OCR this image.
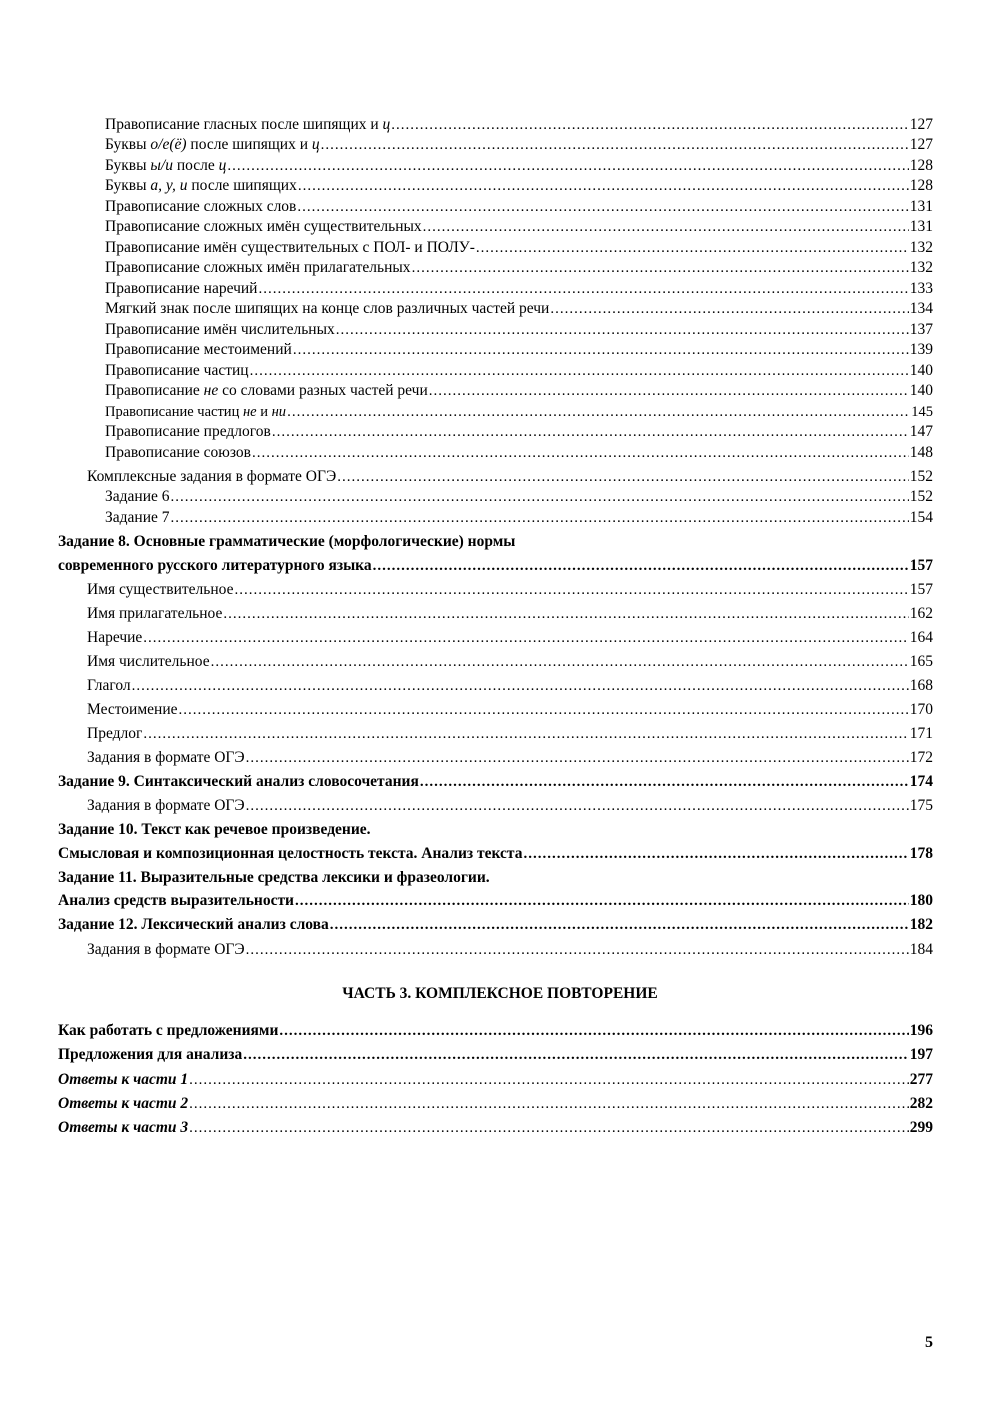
Правописание гласных после шипящих и ц .....	127
Буквы о/е(ё) после шипящих и ц .....	127
Буквы ы/и после ц .....	128
Буквы а, у, и после шипящих .....	128
Правописание сложных слов .....	131
Правописание сложных имён существительных .....	131
Правописание имён существительных с ПОЛ- и ПОЛУ- .....	132
Правописание сложных имён прилагательных .....	132
Правописание наречий .....	133
Мягкий знак после шипящих на конце слов различных частей речи .....	134
Правописание имён числительных .....	137
Правописание местоимений .....	139
Правописание частиц .....	140
Правописание не со словами разных частей речи .....	140
Правописание частиц не и ни .....	145
Правописание предлогов .....	147
Правописание союзов .....	148
Комплексные задания в формате ОГЭ .....	152
Задание 6 .....	152
Задание 7 .....	154
Задание 8. Основные грамматические (морфологические) нормы
современного русского литературного языка .....	157
Имя существительное .....	157
Имя прилагательное .....	162
Наречие .....	164
Имя числительное .....	165
Глагол .....	168
Местоимение .....	170
Предлог .....	171
Задания в формате ОГЭ .....	172
Задание 9. Синтаксический анализ словосочетания .....	174
Задания в формате ОГЭ .....	175
Задание 10. Текст как речевое произведение.
Смысловая и композиционная целостность текста. Анализ текста .....	178
Задание 11. Выразительные средства лексики и фразеологии.
Анализ средств выразительности .....	180
Задание 12. Лексический анализ слова .....	182
Задания в формате ОГЭ .....	184
Как работать с предложениями .....	196
Предложения для анализа .....	197
Ответы к части 1 .....	277
Ответы к части 2 .....	282
Ответы к части 3 .....	299
ЧАСТЬ 3. КОМПЛЕКСНОЕ ПОВТОРЕНИЕ
5
